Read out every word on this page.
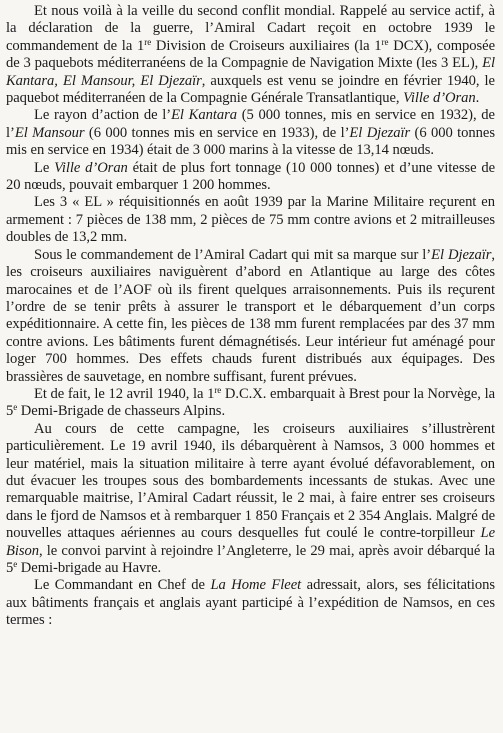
Et nous voilà à la veille du second conflit mondial. Rappelé au service actif, à la déclaration de la guerre, l’Amiral Cadart reçoit en octobre 1939 le commandement de la 1re Division de Croiseurs auxiliaires (la 1re DCX), composée de 3 paquebots méditerranéens de la Compagnie de Navigation Mixte (les 3 EL), El Kantara, El Mansour, El Djezaïr, auxquels est venu se joindre en février 1940, le paquebot méditerranéen de la Compagnie Générale Transatlantique, Ville d’Oran.

Le rayon d’action de l’El Kantara (5 000 tonnes, mis en service en 1932), de l’El Mansour (6 000 tonnes mis en service en 1933), de l’El Djezaïr (6 000 tonnes mis en service en 1934) était de 3 000 marins à la vitesse de 13,14 nœuds.

Le Ville d’Oran était de plus fort tonnage (10 000 tonnes) et d’une vitesse de 20 nœuds, pouvait embarquer 1 200 hommes.

Les 3 « EL » réquisitionnés en août 1939 par la Marine Militaire reçurent en armement : 7 pièces de 138 mm, 2 pièces de 75 mm contre avions et 2 mitrailleuses doubles de 13,2 mm.

Sous le commandement de l’Amiral Cadart qui mit sa marque sur l’El Djezaïr, les croiseurs auxiliaires naviguèrent d’abord en Atlantique au large des côtes marocaines et de l’AOF où ils firent quelques arraisonnements. Puis ils reçurent l’ordre de se tenir prêts à assurer le transport et le débarquement d’un corps expéditionnaire. A cette fin, les pièces de 138 mm furent remplacées par des 37 mm contre avions. Les bâtiments furent démagnétisés. Leur intérieur fut aménagé pour loger 700 hommes. Des effets chauds furent distribués aux équipages. Des brassières de sauvetage, en nombre suffisant, furent prévues.

Et de fait, le 12 avril 1940, la 1re D.C.X. embarquait à Brest pour la Norvège, la 5e Demi-Brigade de chasseurs Alpins.

Au cours de cette campagne, les croiseurs auxiliaires s’illustrèrent particulièrement. Le 19 avril 1940, ils débarquèrent à Namsos, 3 000 hommes et leur matériel, mais la situation militaire à terre ayant évolué défavorablement, on dut évacuer les troupes sous des bombardements incessants de stukas. Avec une remarquable maitrise, l’Amiral Cadart réussit, le 2 mai, à faire entrer ses croiseurs dans le fjord de Namsos et à rembarquer 1 850 Français et 2 354 Anglais. Malgré de nouvelles attaques aériennes au cours desquelles fut coulé le contre-torpilleur Le Bison, le convoi parvint à rejoindre l’Angleterre, le 29 mai, après avoir débarqué la 5e Demi-brigade au Havre.

Le Commandant en Chef de La Home Fleet adressait, alors, ses félicitations aux bâtiments français et anglais ayant participé à l’expédition de Namsos, en ces termes :
